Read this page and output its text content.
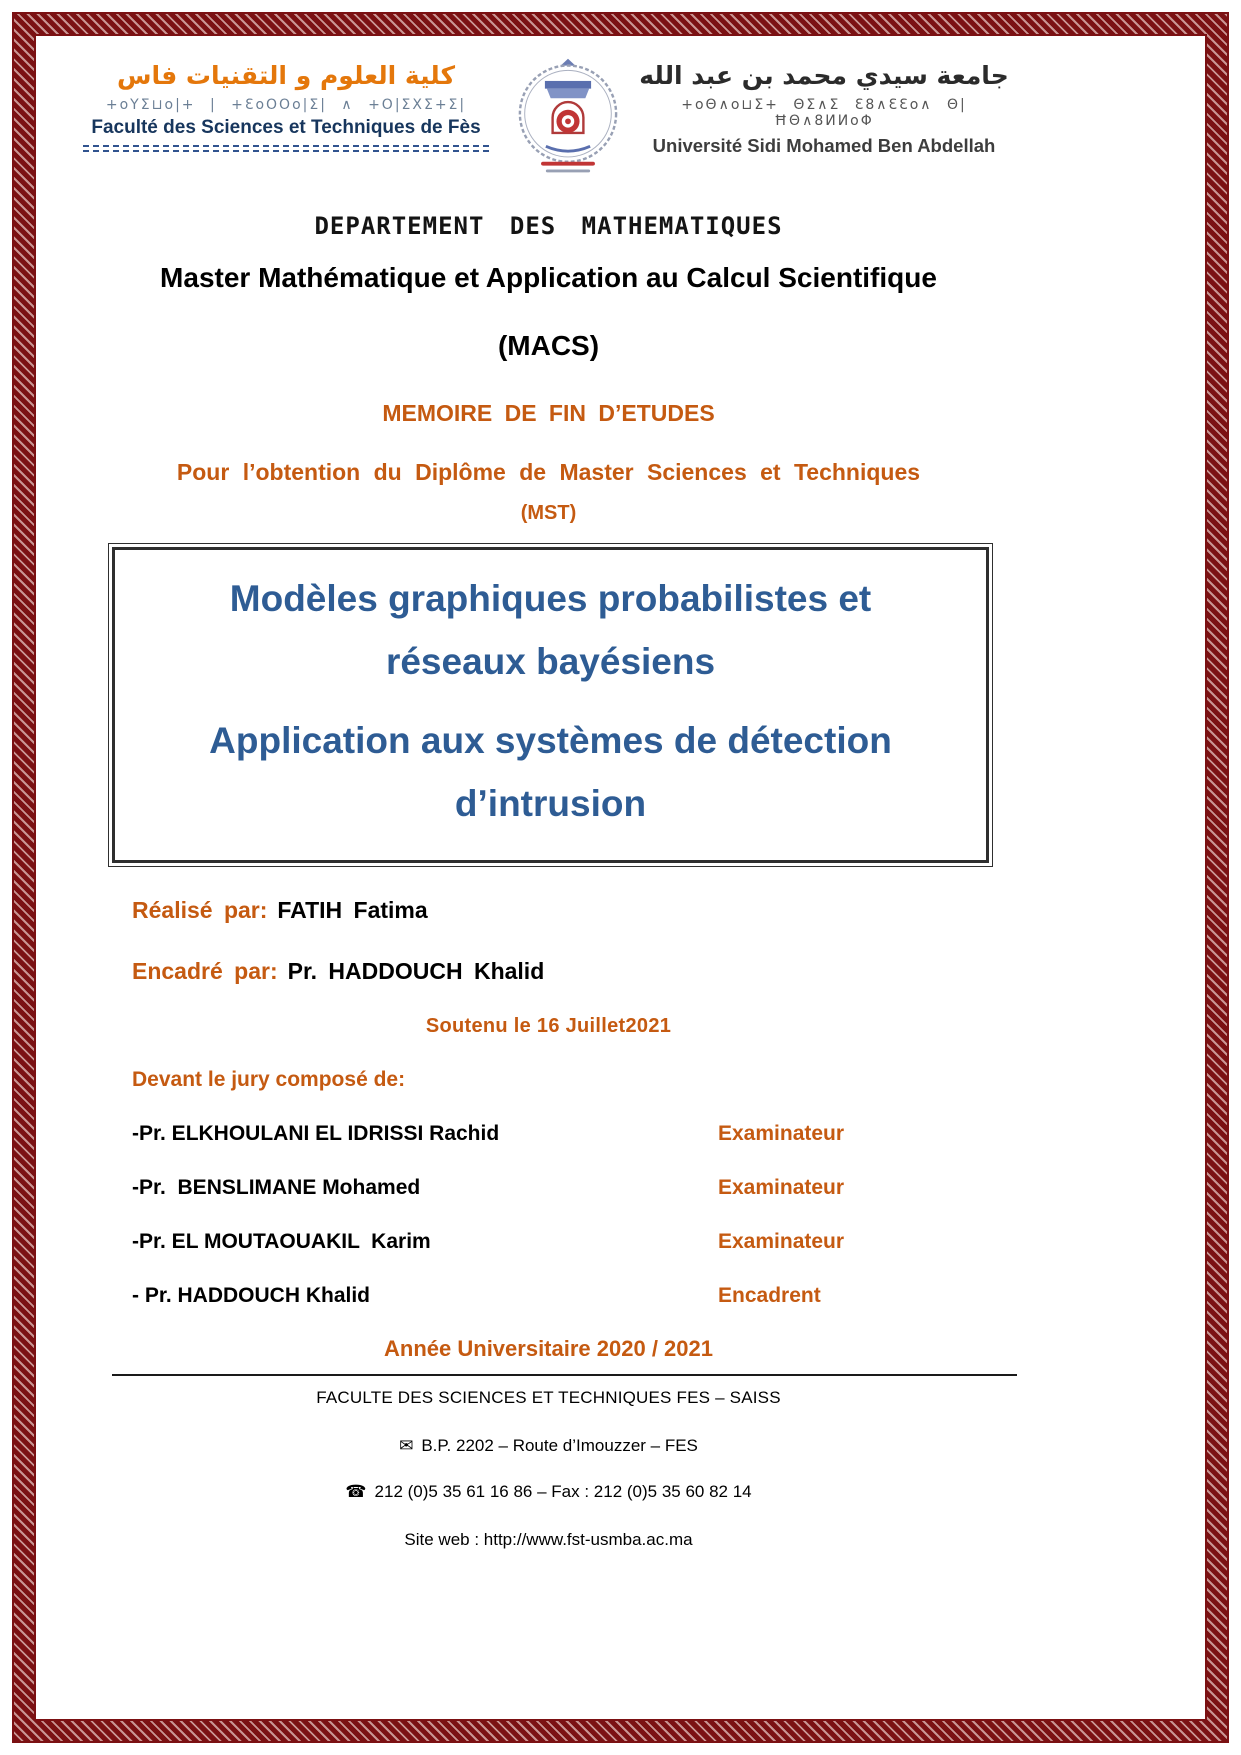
كلية العلوم و التقنيات فاس
+oYΣ⊔o|+ | +ƐoOOo|Σ| ∧ +O|ΣXΣ+Σ|
Faculté des Sciences et Techniques de Fès
جامعة سيدي محمد بن عبد الله
+oΘ∧o⊔Σ+ ΘΣ∧Σ Ɛ8∧ƐƐo∧ Θ| ĦΘ∧8ИИoΦ
Université Sidi Mohamed Ben Abdellah
DEPARTEMENT DES MATHEMATIQUES
Master Mathématique et Application au Calcul Scientifique
(MACS)
MEMOIRE DE FIN D’ETUDES
Pour l’obtention du Diplôme de Master Sciences et Techniques
(MST)
Modèles graphiques probabilistes et
réseaux bayésiens
Application aux systèmes de détection
d’intrusion
Réalisé par: FATIH Fatima
Encadré par: Pr. HADDOUCH Khalid
Soutenu le 16 Juillet2021
Devant le jury composé de:
-Pr. ELKHOULANI EL IDRISSI Rachid	Examinateur
-Pr.  BENSLIMANE Mohamed	Examinateur
-Pr. EL MOUTAOUAKIL  Karim	Examinateur
- Pr. HADDOUCH Khalid	Encadrent
Année Universitaire 2020 / 2021
FACULTE DES SCIENCES ET TECHNIQUES FES – SAISS
✉ B.P. 2202 – Route d’Imouzzer – FES
☎ 212 (0)5 35 61 16 86 – Fax : 212 (0)5 35 60 82 14
Site web : http://www.fst-usmba.ac.ma
